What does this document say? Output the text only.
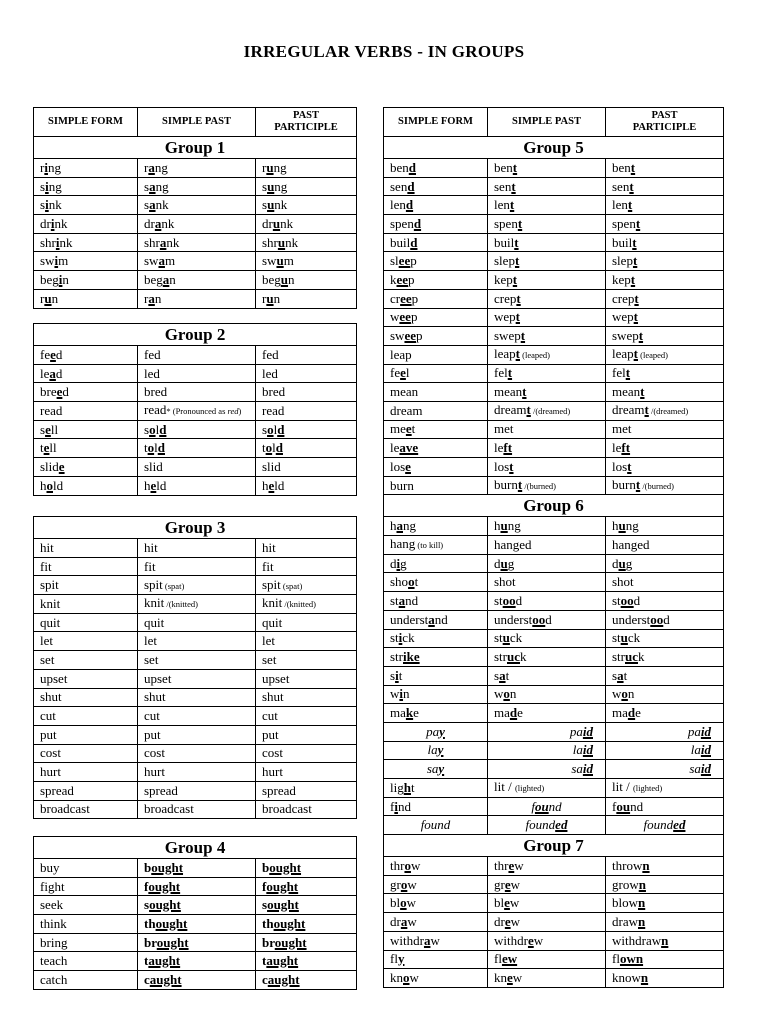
IRREGULAR VERBS - IN GROUPS
SIMPLE FORM	SIMPLE PAST	PAST
PARTICIPLE

Group 1		
ring	rang	rung
sing	sang	sung
sink	sank	sunk
drink	drank	drunk
shrink	shrank	shrunk
swim	swam	swum
begin	began	begun
run	ran	run
Group 2		
feed	fed	fed
lead	led	led
breed	bred	bred
read	read* (Pronounced as red)	read
sell	sold	sold
tell	told	told
slide	slid	slid
hold	held	held
Group 3		
hit	hit	hit
fit	fit	fit
spit	spit (spat)	spit (spat)
knit	knit /(knitted)	knit /(knitted)
quit	quit	quit
let	let	let
set	set	set
upset	upset	upset
shut	shut	shut
cut	cut	cut
put	put	put
cost	cost	cost
hurt	hurt	hurt
spread	spread	spread
broadcast	broadcast	broadcast
Group 4		
buy	bought	bought
fight	fought	fought
seek	sought	sought
think	thought	thought
bring	brought	brought
teach	taught	taught
catch	caught	caught
SIMPLE FORM	SIMPLE PAST	PAST
PARTICIPLE

Group 5		
bend	bent	bent
send	sent	sent
lend	lent	lent
spend	spent	spent
build	built	built
sleep	slept	slept
keep	kept	kept
creep	crept	crept
weep	wept	wept
sweep	swept	swept
leap	leapt (leaped)	leapt (leaped)
feel	felt	felt
mean	meant	meant
dream	dreamt /(dreamed)	dreamt /(dreamed)
meet	met	met
leave	left	left
lose	lost	lost
burn	burnt /(burned)	burnt /(burned)
Group 6		
hang	hung	hung
hang (to kill)	hanged	hanged
dig	dug	dug
shoot	shot	shot
stand	stood	stood
understand	understood	understood
stick	stuck	stuck
strike	struck	struck
sit	sat	sat
win	won	won
make	made	made
pay	paid	paid
lay	laid	laid
say	said	said
light	lit / (lighted)	lit / (lighted)
find	found	found
found	founded	founded
Group 7		
throw	threw	thrown
grow	grew	grown
blow	blew	blown
draw	drew	drawn
withdraw	withdrew	withdrawn
fly	flew	flown
know	knew	known
